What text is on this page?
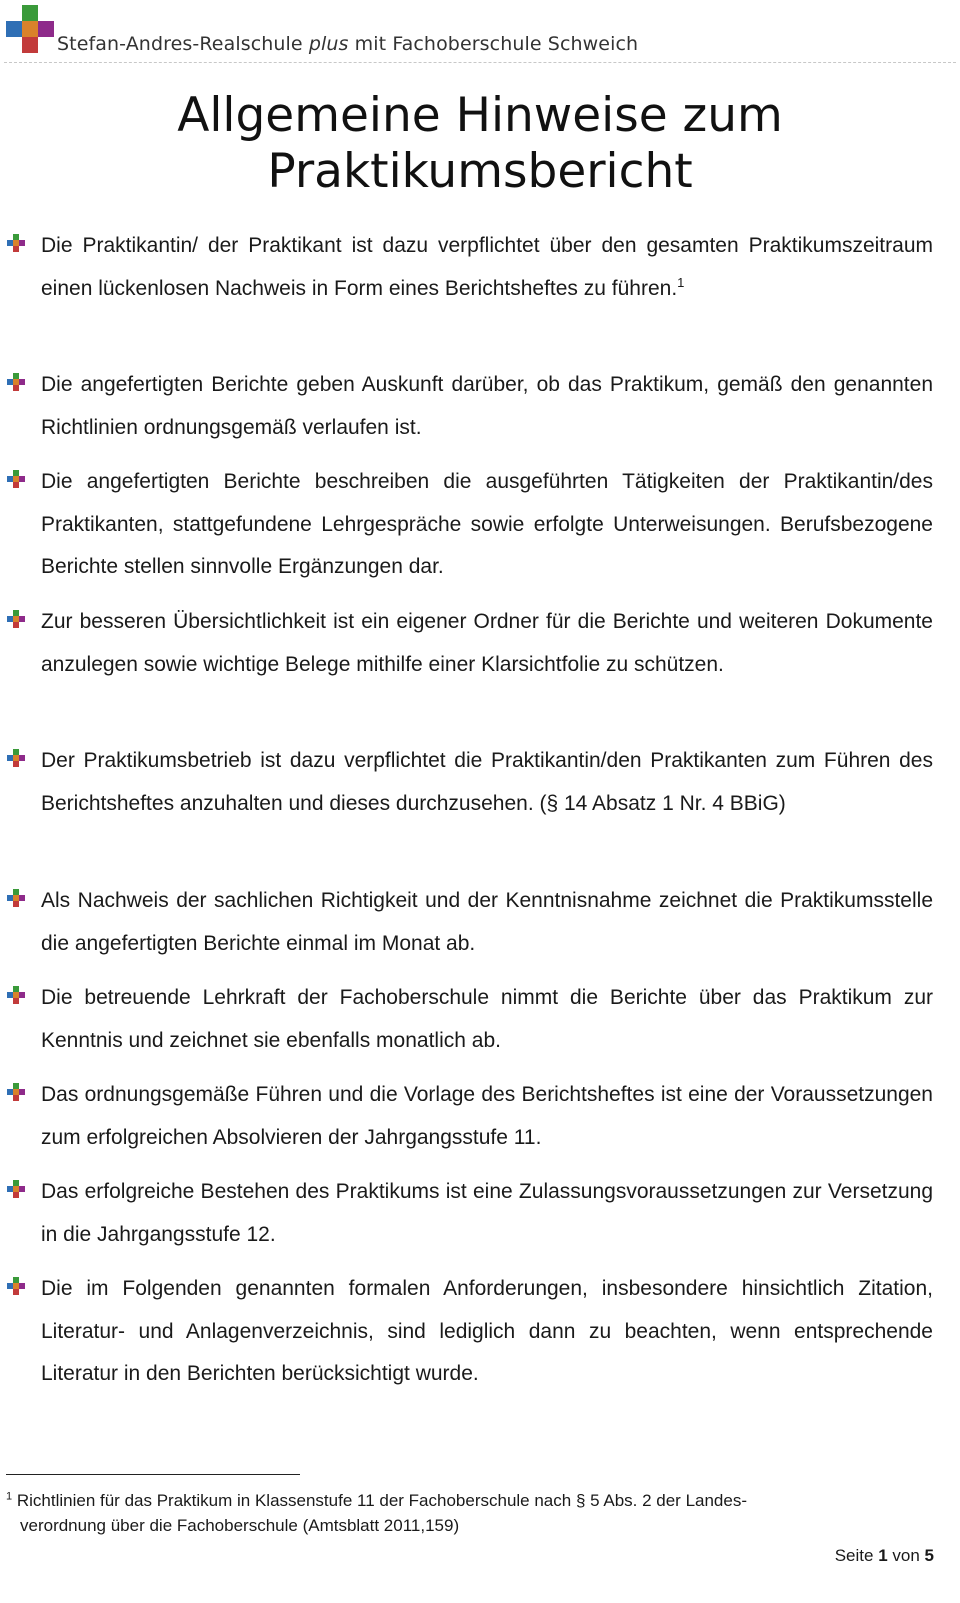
Stefan-Andres-Realschule plus mit Fachoberschule Schweich
Allgemeine Hinweise zum
Praktikumsbericht

Die Praktikantin/ der Praktikant ist dazu verpflichtet über den gesamten Praktikumszeitraum einen lückenlosen Nachweis in Form eines Berichtsheftes zu führen.$^1$

Die angefertigten Berichte geben Auskunft darüber, ob das Praktikum, gemäß den genannten Richtlinien ordnungsgemäß verlaufen ist.

Die angefertigten Berichte beschreiben die ausgeführten Tätigkeiten der Praktikantin/des Praktikanten, stattgefundene Lehrgespräche sowie erfolgte Unterweisungen. Berufsbezogene Berichte stellen sinnvolle Ergänzungen dar.

Zur besseren Übersichtlichkeit ist ein eigener Ordner für die Berichte und weiteren Dokumente anzulegen sowie wichtige Belege mithilfe einer Klarsichtfolie zu schützen.

Der Praktikumsbetrieb ist dazu verpflichtet die Praktikantin/den Praktikanten zum Führen des Berichtsheftes anzuhalten und dieses durchzusehen. (§ 14 Absatz 1 Nr. 4 BBiG)

Als Nachweis der sachlichen Richtigkeit und der Kenntnisnahme zeichnet die Praktikumsstelle die angefertigten Berichte einmal im Monat ab.

Die betreuende Lehrkraft der Fachoberschule nimmt die Berichte über das Praktikum zur Kenntnis und zeichnet sie ebenfalls monatlich ab.

Das ordnungsgemäße Führen und die Vorlage des Berichtsheftes ist eine der Voraussetzungen zum erfolgreichen Absolvieren der Jahrgangsstufe 11.

Das erfolgreiche Bestehen des Praktikums ist eine Zulassungsvoraussetzungen zur Versetzung in die Jahrgangsstufe 12.

Die im Folgenden genannten formalen Anforderungen, insbesondere hinsichtlich Zitation, Literatur- und Anlagenverzeichnis, sind lediglich dann zu beachten, wenn entsprechende Literatur in den Berichten berücksichtigt wurde.

$^1$ Richtlinien für das Praktikum in Klassenstufe 11 der Fachoberschule nach § 5 Abs. 2 der Landes-
verordnung über die Fachoberschule (Amtsblatt 2011,159)
Seite 1 von 5
